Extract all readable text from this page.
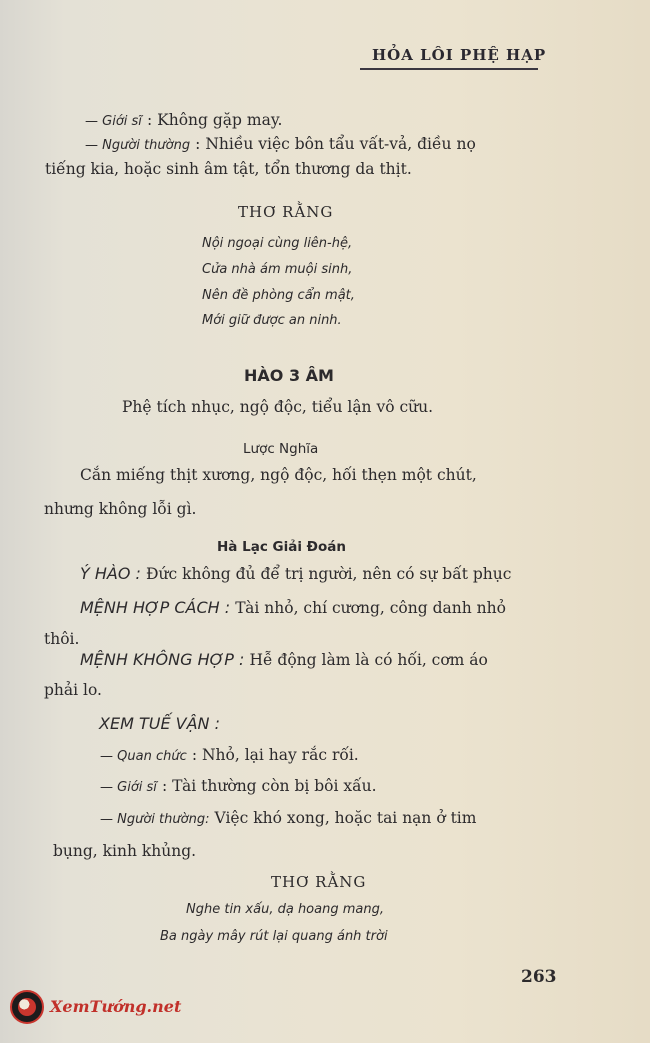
HỎA LÔI PHỆ HẠP
— Giới sĩ : Không gặp may.
— Người thường : Nhiều việc bôn tẩu vất-vả, điều nọ
tiếng kia, hoặc sinh âm tật, tổn thương da thịt.
THƠ RẰNG
Nội ngoại cùng liên-hệ,
Cửa nhà ám muội sinh,
Nên đề phòng cẩn mật,
Mới giữ được an ninh.
HÀO 3 ÂM
Phệ tích nhục, ngộ độc, tiểu lận vô cữu.
Lược Nghĩa
Cắn miếng thịt xương, ngộ độc, hối thẹn một chút,
nhưng không lỗi gì.
Hà Lạc Giải Đoán
Ý HÀO : Đức không đủ để trị người, nên có sự bất phục
MỆNH HỢP CÁCH : Tài nhỏ, chí cương, công danh nhỏ
thôi.
MỆNH KHÔNG HỢP : Hễ động làm là có hối, cơm áo
phải lo.
XEM TUẾ VẬN :
— Quan chức : Nhỏ, lại hay rắc rối.
— Giới sĩ : Tài thường còn bị bôi xấu.
— Người thường: Việc khó xong, hoặc tai nạn ở tim
bụng, kinh khủng.
THƠ RẰNG
Nghe tin xấu, dạ hoang mang,
Ba ngày mây rút lại quang ánh trời
263
XemTướng.net
